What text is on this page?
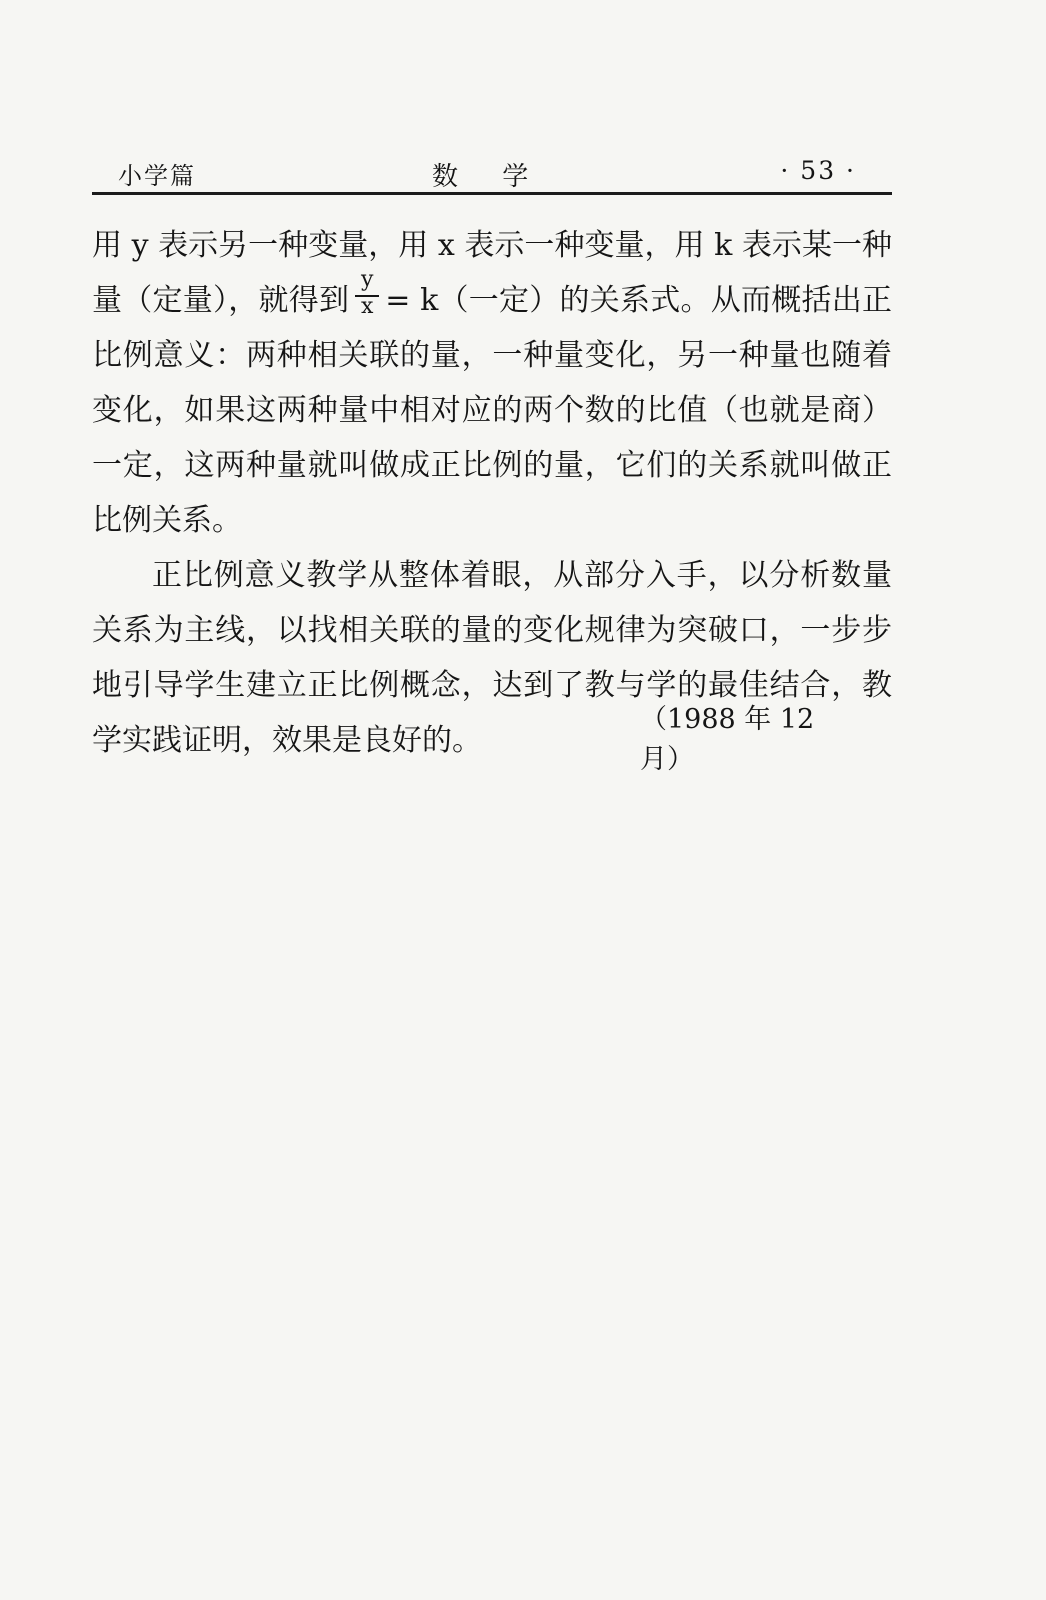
小学篇	数 学	· 53 ·

用 y 表示另一种变量，用 x 表示一种变量，用 k 表示某一种量（定量），就得到 $\frac{y}{x} = k$（一定）的关系式。从而概括出正比例意义：两种相关联的量，一种量变化，另一种量也随着变化，如果这两种量中相对应的两个数的比值（也就是商）一定，这两种量就叫做成正比例的量，它们的关系就叫做正比例关系。

正比例意义教学从整体着眼，从部分入手，以分析数量关系为主线，以找相关联的量的变化规律为突破口，一步步地引导学生建立正比例概念，达到了教与学的最佳结合，教学实践证明，效果是良好的。

（1988 年 12 月）
